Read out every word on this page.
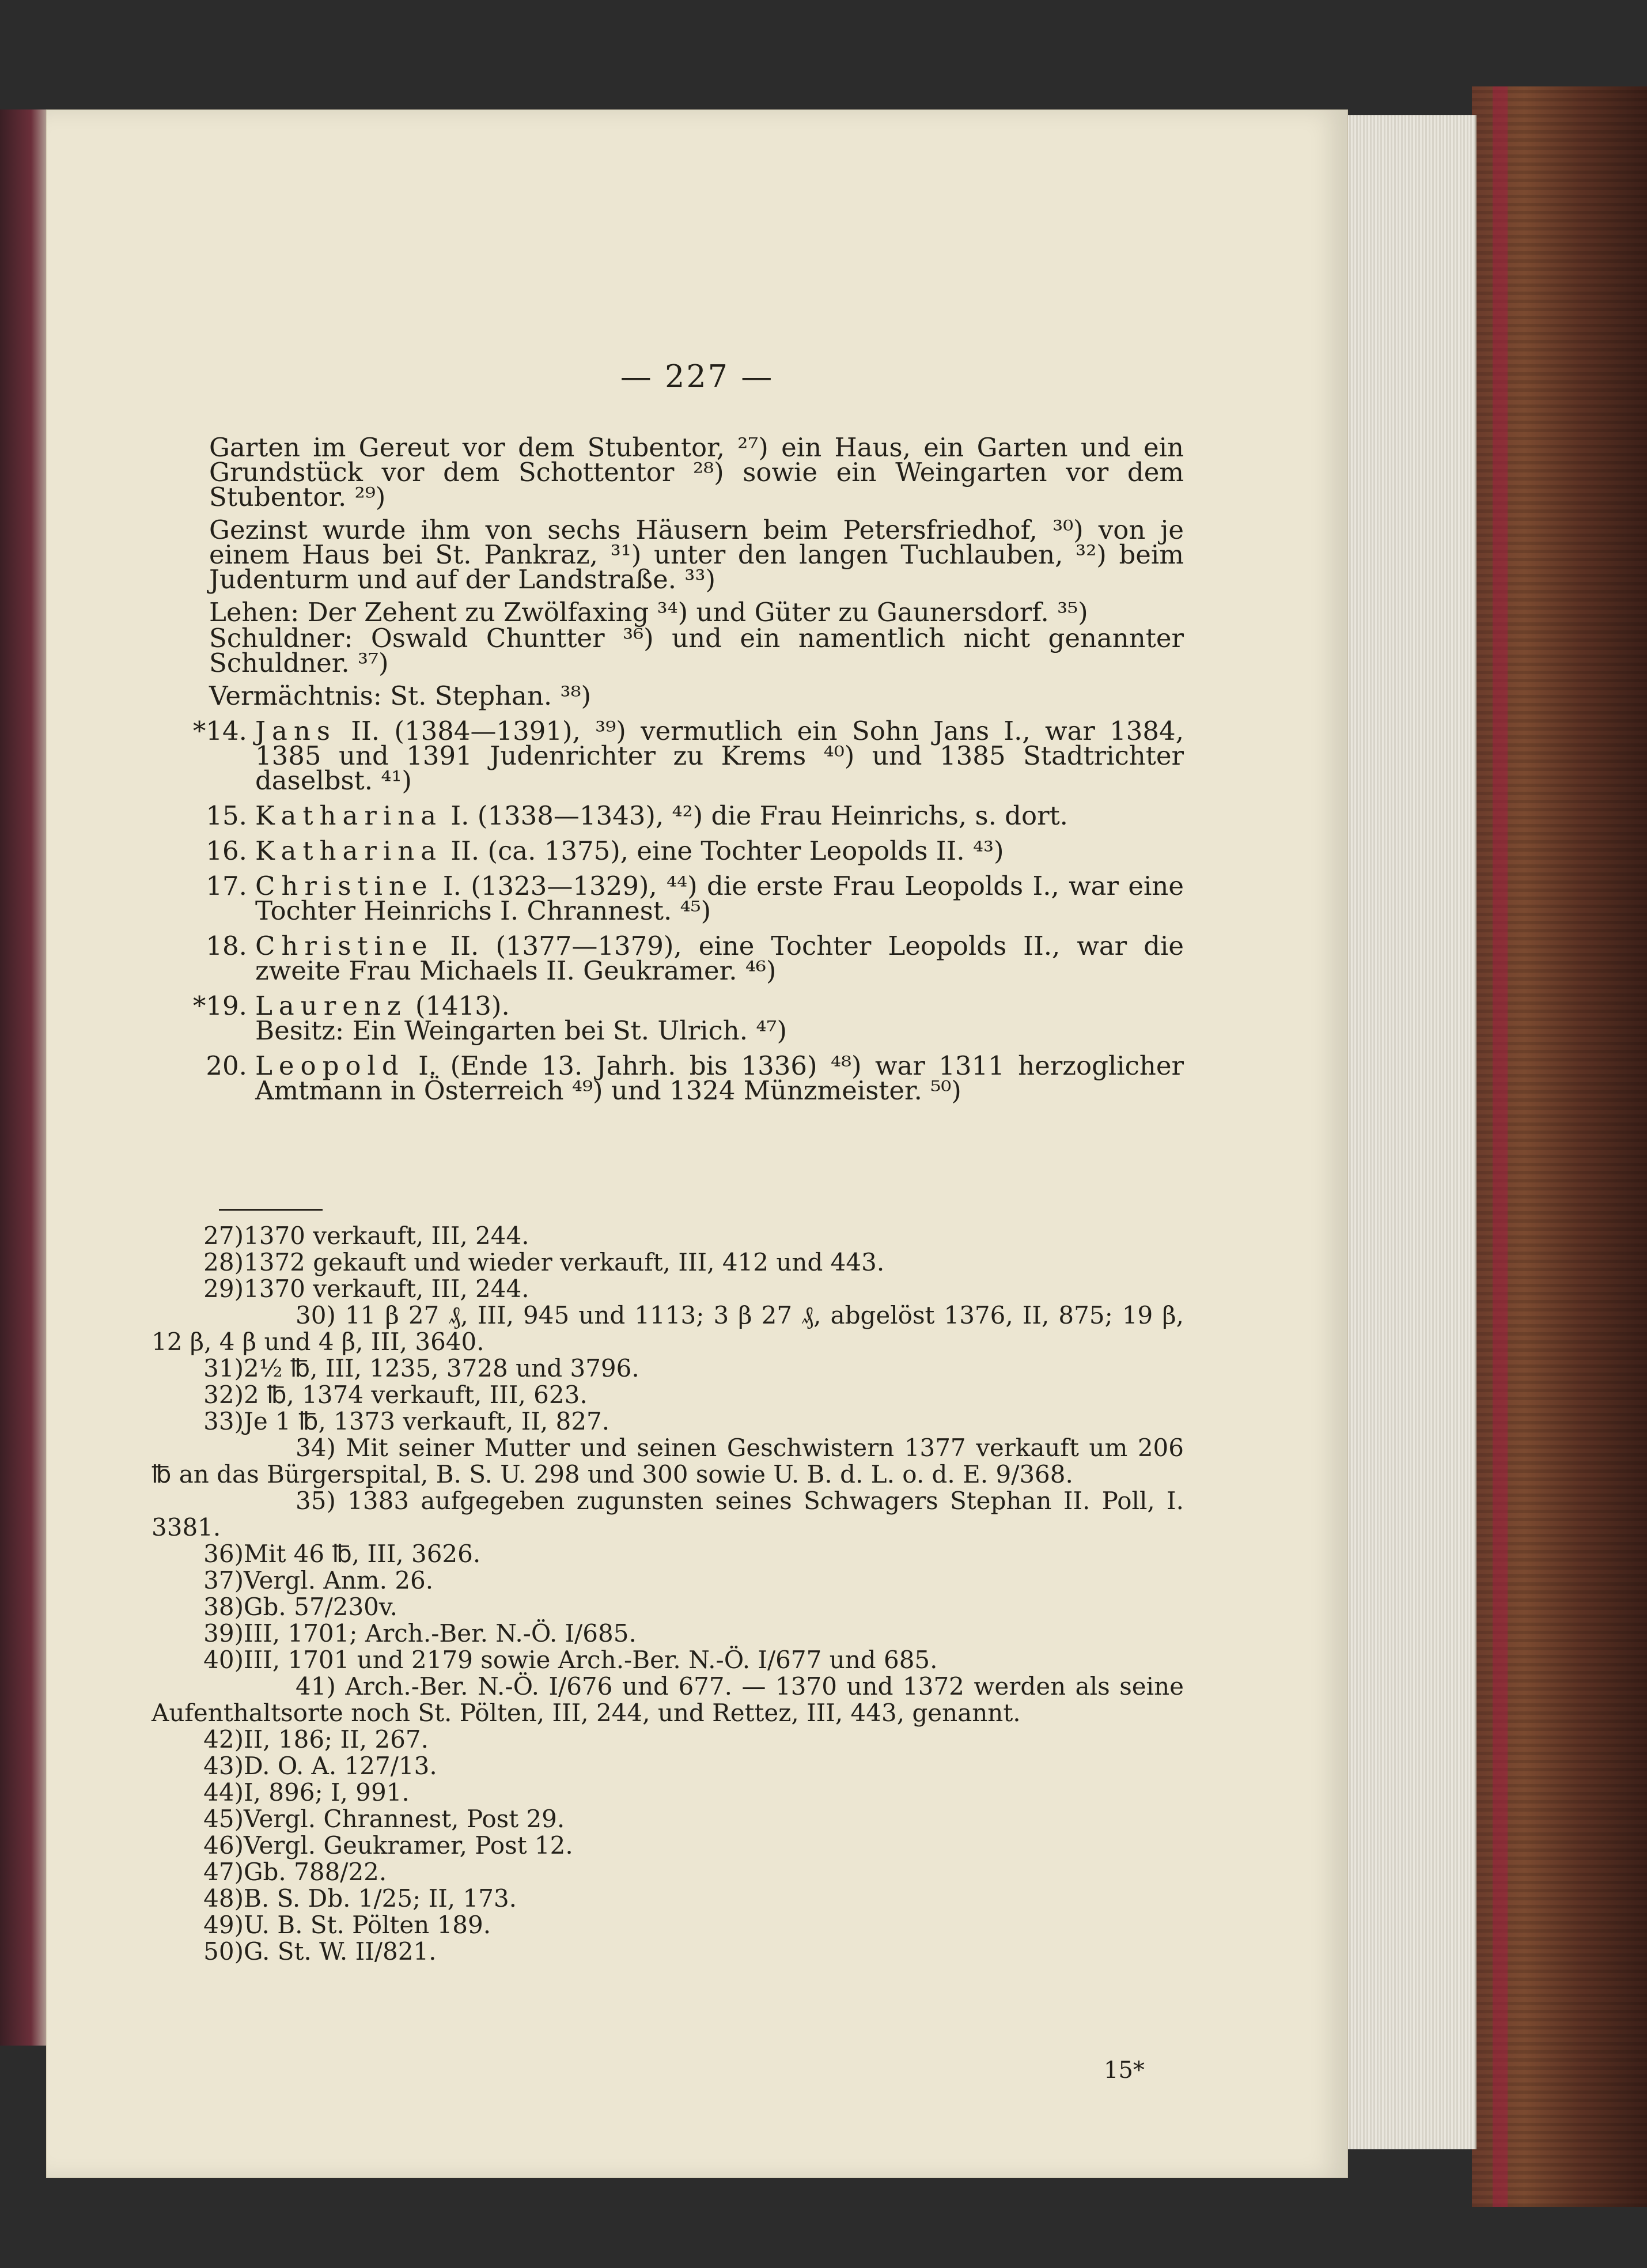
— 227 —

Garten im Gereut vor dem Stubentor, ²⁷) ein Haus, ein Garten und ein Grundstück vor dem Schottentor ²⁸) sowie ein Weingarten vor dem Stubentor. ²⁹)

Gezinst wurde ihm von sechs Häusern beim Petersfriedhof, ³⁰) von je einem Haus bei St. Pankraz, ³¹) unter den langen Tuchlauben, ³²) beim Judenturm und auf der Landstraße. ³³)

Lehen: Der Zehent zu Zwölfaxing ³⁴) und Güter zu Gaunersdorf. ³⁵)

Schuldner: Oswald Chuntter ³⁶) und ein namentlich nicht genannter Schuldner. ³⁷)

Vermächtnis: St. Stephan. ³⁸)

*14. Jans II. (1384—1391), ³⁹) vermutlich ein Sohn Jans I., war 1384, 1385 und 1391 Judenrichter zu Krems ⁴⁰) und 1385 Stadtrichter daselbst. ⁴¹)
15. Katharina I. (1338—1343), ⁴²) die Frau Heinrichs, s. dort.
16. Katharina II. (ca. 1375), eine Tochter Leopolds II. ⁴³)
17. Christine I. (1323—1329), ⁴⁴) die erste Frau Leopolds I., war eine Tochter Heinrichs I. Chrannest. ⁴⁵)
18. Christine II. (1377—1379), eine Tochter Leopolds II., war die zweite Frau Michaels II. Geukramer. ⁴⁶)
*19. Laurenz (1413).
Besitz: Ein Weingarten bei St. Ulrich. ⁴⁷)
20. Leopold I. (Ende 13. Jahrh. bis 1336) ⁴⁸) war 1311 herzoglicher Amtmann in Österreich ⁴⁹) und 1324 Münzmeister. ⁵⁰)
27) 1370 verkauft, III, 244.
28) 1372 gekauft und wieder verkauft, III, 412 und 443.
29) 1370 verkauft, III, 244.
30) 11 β 27 ₰, III, 945 und 1113; 3 β 27 ₰, abgelöst 1376, II, 875; 19 β, 12 β, 4 β und 4 β, III, 3640.
31) 2½ ℔, III, 1235, 3728 und 3796.
32) 2 ℔, 1374 verkauft, III, 623.
33) Je 1 ℔, 1373 verkauft, II, 827.
34) Mit seiner Mutter und seinen Geschwistern 1377 verkauft um 206 ℔ an das Bürgerspital, B. S. U. 298 und 300 sowie U. B. d. L. o. d. E. 9/368.
35) 1383 aufgegeben zugunsten seines Schwagers Stephan II. Poll, I. 3381.
36) Mit 46 ℔, III, 3626.
37) Vergl. Anm. 26.
38) Gb. 57/230v.
39) III, 1701; Arch.-Ber. N.-Ö. I/685.
40) III, 1701 und 2179 sowie Arch.-Ber. N.-Ö. I/677 und 685.
41) Arch.-Ber. N.-Ö. I/676 und 677. — 1370 und 1372 werden als seine Aufenthaltsorte noch St. Pölten, III, 244, und Rettez, III, 443, genannt.
42) II, 186; II, 267.
43) D. O. A. 127/13.
44) I, 896; I, 991.
45) Vergl. Chrannest, Post 29.
46) Vergl. Geukramer, Post 12.
47) Gb. 788/22.
48) B. S. Db. 1/25; II, 173.
49) U. B. St. Pölten 189.
50) G. St. W. II/821.
15*
